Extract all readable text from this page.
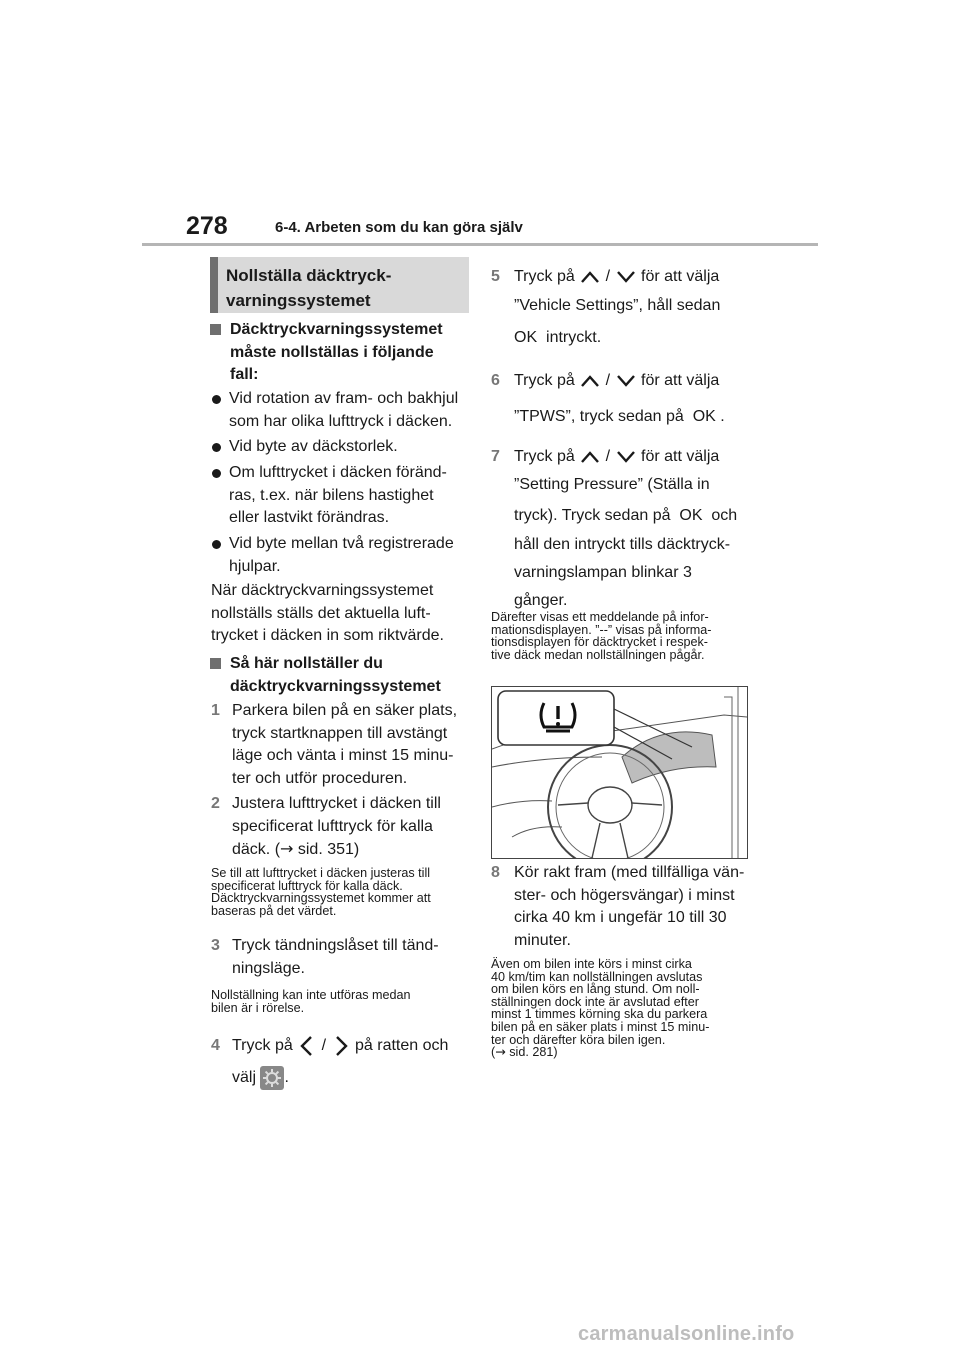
278	6-4. Arbeten som du kan göra själv
Nollställa däcktryck-
varningssystemet
Däcktryckvarningssystemet
måste nollställas i följande
fall:
Vid rotation av fram- och bakhjul
som har olika lufttryck i däcken.
Vid byte av däckstorlek.
Om lufttrycket i däcken föränd-
ras, t.ex. när bilens hastighet
eller lastvikt förändras.
Vid byte mellan två registrerade
hjulpar.
När däcktryckvarningssystemet
nollställs ställs det aktuella luft-
trycket i däcken in som riktvärde.
Så här nollställer du
däcktryckvarningssystemet
1 Parkera bilen på en säker plats,
tryck startknappen till avstängt
läge och vänta i minst 15 minu-
ter och utför proceduren.
2 Justera lufttrycket i däcken till
specificerat lufttryck för kalla
däck. (→ sid. 351)
Se till att lufttrycket i däcken justeras till
specificerat lufttryck för kalla däck.
Däcktryckvarningssystemet kommer att
baseras på det värdet.
3 Tryck tändningslåset till tänd-
ningsläge.
Nollställning kan inte utföras medan
bilen är i rörelse.
4 Tryck på / på ratten och
välj .
5 Tryck på / för att välja
”Vehicle Settings”, håll sedan
OK intryckt.
6 Tryck på / för att välja
”TPWS”, tryck sedan på OK .
7 Tryck på / för att välja
”Setting Pressure” (Ställa in
tryck). Tryck sedan på OK och
håll den intryckt tills däcktryck-
varningslampan blinkar 3
gånger.
Därefter visas ett meddelande på infor-
mationsdisplayen. ”--” visas på informa-
tionsdisplayen för däcktrycket i respek-
tive däck medan nollställningen pågår.
8 Kör rakt fram (med tillfälliga vän-
ster- och högersvängar) i minst
cirka 40 km i ungefär 10 till 30
minuter.
Även om bilen inte körs i minst cirka
40 km/tim kan nollställningen avslutas
om bilen körs en lång stund. Om noll-
ställningen dock inte är avslutad efter
minst 1 timmes körning ska du parkera
bilen på en säker plats i minst 15 minu-
ter och därefter köra bilen igen.
(→ sid. 281)
carmanualsonline.info
